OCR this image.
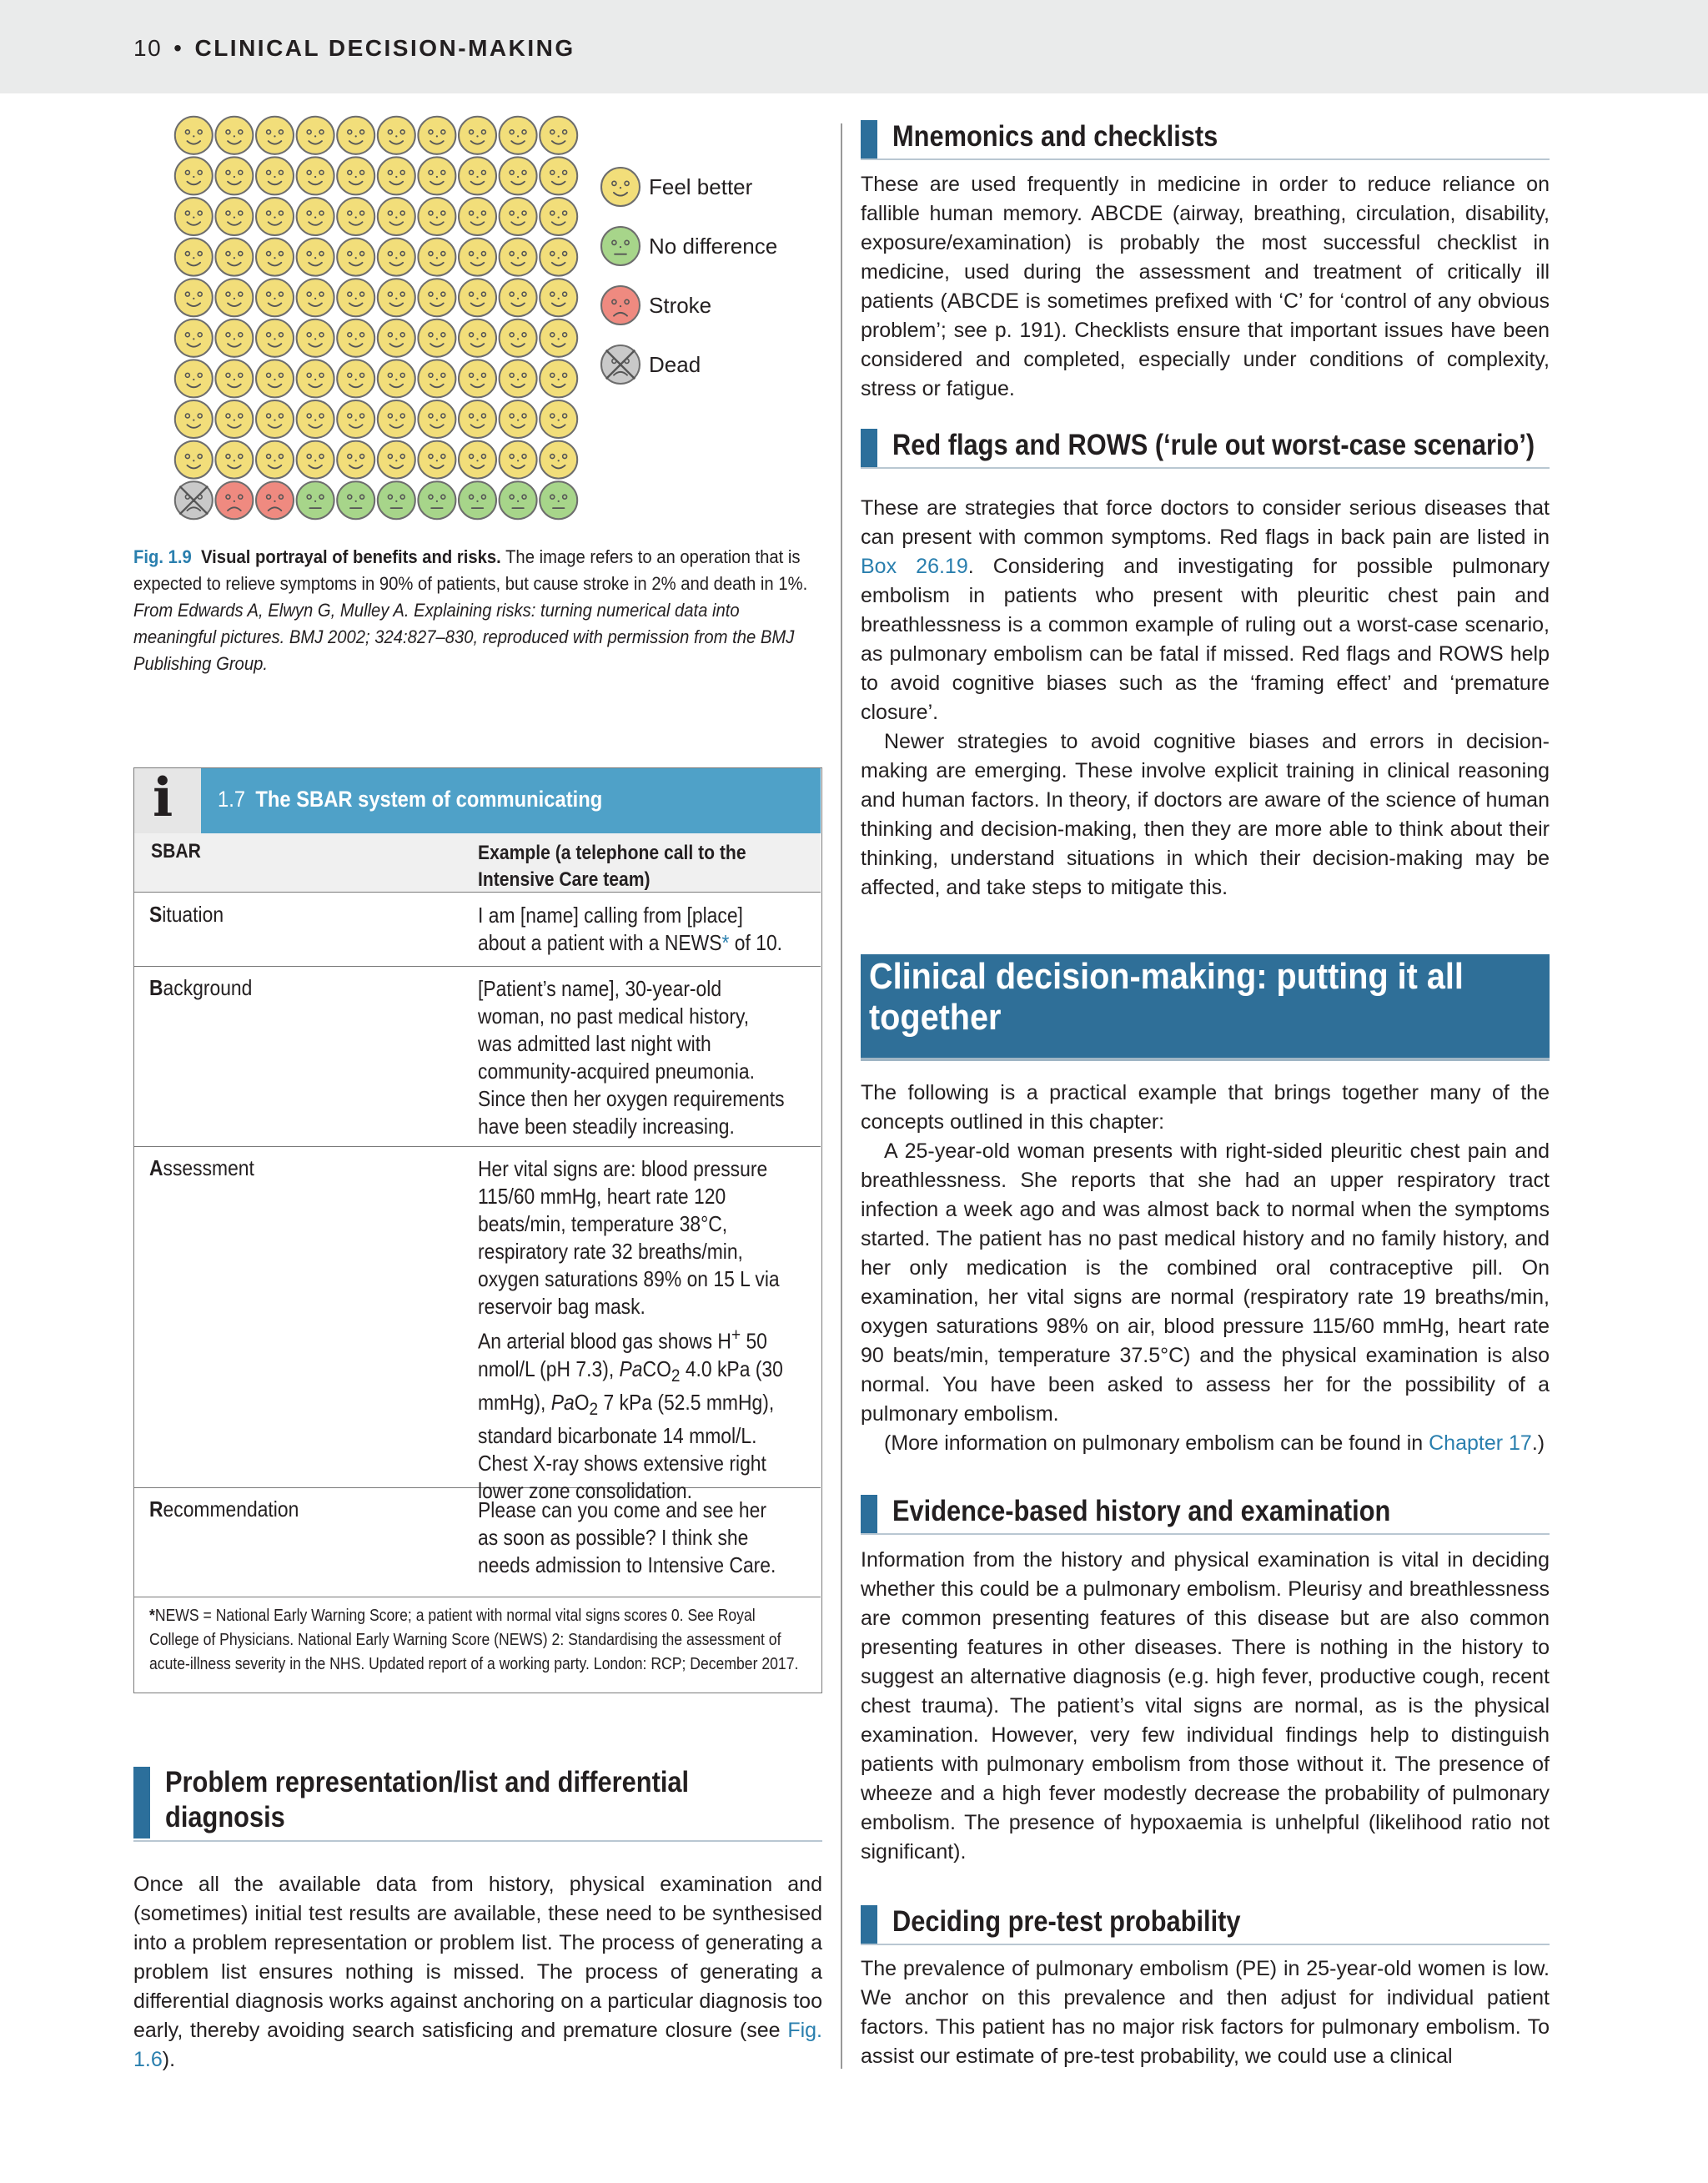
10 • CLINICAL DECISION-MAKING
Feel better
No difference
Stroke
Dead
Fig. 1.9 Visual portrayal of benefits and risks. The image refers to an operation that is expected to relieve symptoms in 90% of patients, but cause stroke in 2% and death in 1%. From Edwards A, Elwyn G, Mulley A. Explaining risks: turning numerical data into meaningful pictures. BMJ 2002; 324:827–830, reproduced with permission from the BMJ Publishing Group.
i 1.7 The SBAR system of communicating
SBAR	Example (a telephone call to the Intensive Care team)
Situation	I am [name] calling from [place] about a patient with a NEWS* of 10.
Background	[Patient’s name], 30-year-old woman, no past medical history, was admitted last night with community-acquired pneumonia. Since then her oxygen requirements have been steadily increasing.
Assessment	Her vital signs are: blood pressure 115/60 mmHg, heart rate 120 beats/min, temperature 38°C, respiratory rate 32 breaths/min, oxygen saturations 89% on 15 L via reservoir bag mask.
An arterial blood gas shows H+ 50 nmol/L (pH 7.3), PaCO$_2$ 4.0 kPa (30 mmHg), PaO$_2$ 7 kPa (52.5 mmHg), standard bicarbonate 14 mmol/L.
Chest X-ray shows extensive right lower zone consolidation.
Recommendation	Please can you come and see her as soon as possible? I think she needs admission to Intensive Care.
*NEWS = National Early Warning Score; a patient with normal vital signs scores 0. See Royal College of Physicians. National Early Warning Score (NEWS) 2: Standardising the assessment of acute-illness severity in the NHS. Updated report of a working party. London: RCP; December 2017.
Problem representation/list and differential diagnosis

Once all the available data from history, physical examination and (sometimes) initial test results are available, these need to be synthesised into a problem representation or problem list. The process of generating a problem list ensures nothing is missed. The process of generating a differential diagnosis works against anchoring on a particular diagnosis too early, thereby avoiding search satisficing and premature closure (see Fig. 1.6).

Mnemonics and checklists

These are used frequently in medicine in order to reduce reliance on fallible human memory. ABCDE (airway, breathing, circulation, disability, exposure/examination) is probably the most successful checklist in medicine, used during the assessment and treatment of critically ill patients (ABCDE is sometimes prefixed with ‘C’ for ‘control of any obvious problem’; see p. 191). Checklists ensure that important issues have been considered and completed, especially under conditions of complexity, stress or fatigue.

Red flags and ROWS (‘rule out worst-case scenario’)

These are strategies that force doctors to consider serious diseases that can present with common symptoms. Red flags in back pain are listed in Box 26.19. Considering and investigating for possible pulmonary embolism in patients who present with pleuritic chest pain and breathlessness is a common example of ruling out a worst-case scenario, as pulmonary embolism can be fatal if missed. Red flags and ROWS help to avoid cognitive biases such as the ‘framing effect’ and ‘premature closure’.

Newer strategies to avoid cognitive biases and errors in decision-making are emerging. These involve explicit training in clinical reasoning and human factors. In theory, if doctors are aware of the science of human thinking and decision-making, then they are more able to think about their thinking, understand situations in which their decision-making may be affected, and take steps to mitigate this.

Clinical decision-making: putting it all together

The following is a practical example that brings together many of the concepts outlined in this chapter:

A 25-year-old woman presents with right-sided pleuritic chest pain and breathlessness. She reports that she had an upper respiratory tract infection a week ago and was almost back to normal when the symptoms started. The patient has no past medical history and no family history, and her only medication is the combined oral contraceptive pill. On examination, her vital signs are normal (respiratory rate 19 breaths/min, oxygen saturations 98% on air, blood pressure 115/60 mmHg, heart rate 90 beats/min, temperature 37.5°C) and the physical examination is also normal. You have been asked to assess her for the possibility of a pulmonary embolism.

(More information on pulmonary embolism can be found in Chapter 17.)

Evidence-based history and examination

Information from the history and physical examination is vital in deciding whether this could be a pulmonary embolism. Pleurisy and breathlessness are common presenting features of this disease but are also common presenting features in other diseases. There is nothing in the history to suggest an alternative diagnosis (e.g. high fever, productive cough, recent chest trauma). The patient’s vital signs are normal, as is the physical examination. However, very few individual findings help to distinguish patients with pulmonary embolism from those without it. The presence of wheeze and a high fever modestly decrease the probability of pulmonary embolism. The presence of hypoxaemia is unhelpful (likelihood ratio not significant).

Deciding pre-test probability

The prevalence of pulmonary embolism (PE) in 25-year-old women is low. We anchor on this prevalence and then adjust for individual patient factors. This patient has no major risk factors for pulmonary embolism. To assist our estimate of pre-test probability, we could use a clinical
